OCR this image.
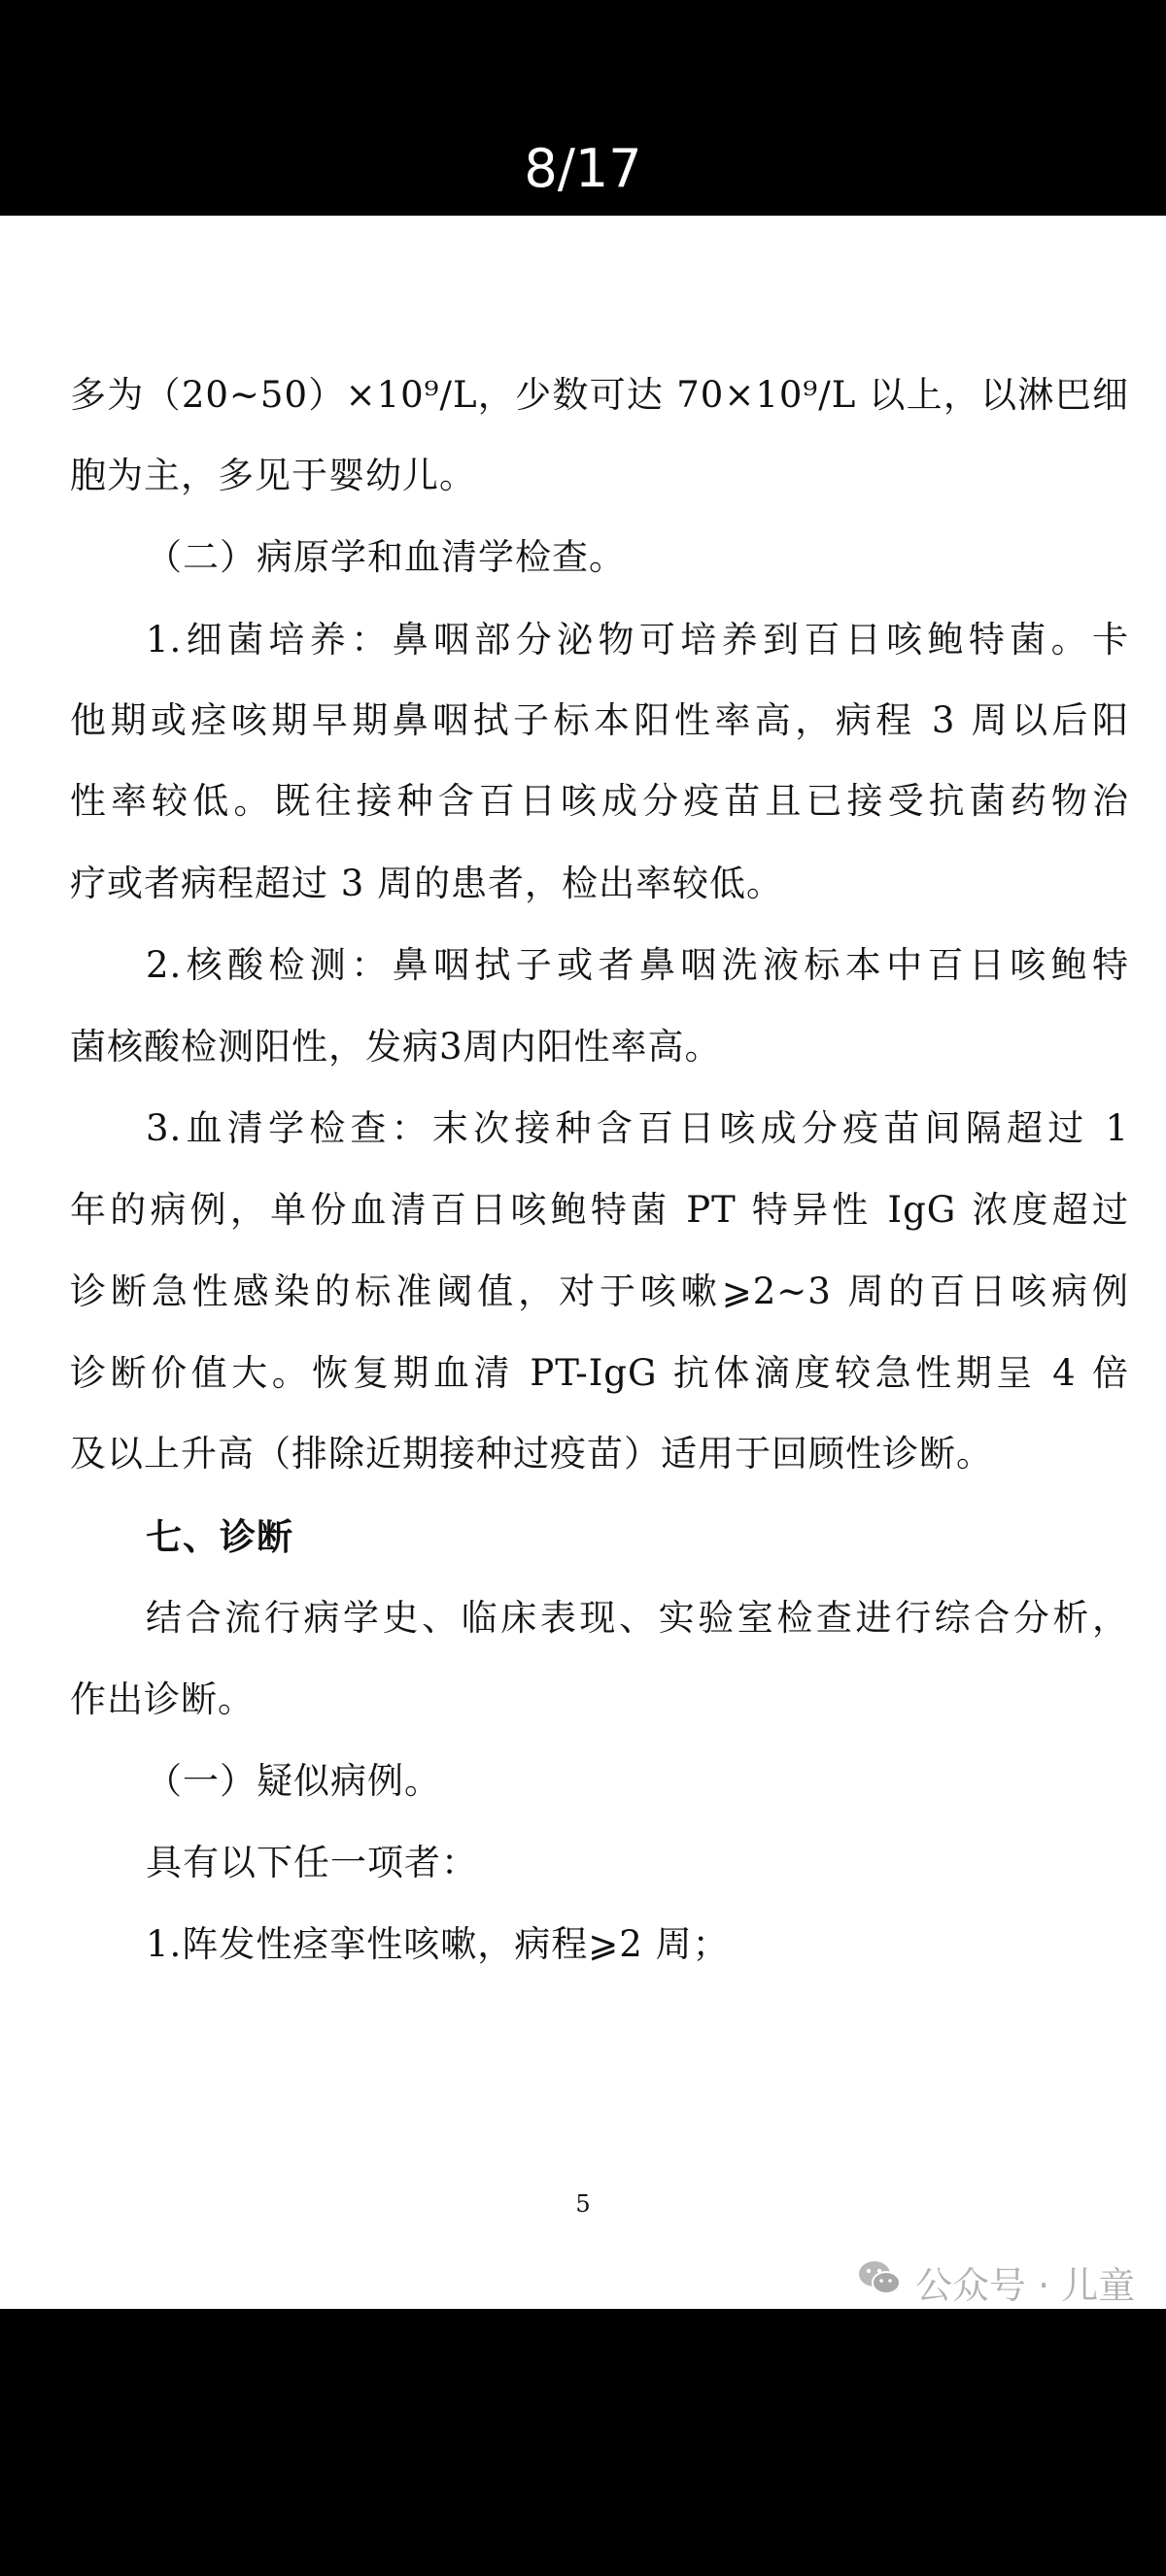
8/17
多为（20~50）×10⁹/L，少数可达 70×10⁹/L 以上，以淋巴细
胞为主，多见于婴幼儿。
（二）病原学和血清学检查。
1.细菌培养：鼻咽部分泌物可培养到百日咳鲍特菌。卡
他期或痉咳期早期鼻咽拭子标本阳性率高，病程 3 周以后阳
性率较低。既往接种含百日咳成分疫苗且已接受抗菌药物治
疗或者病程超过 3 周的患者，检出率较低。
2.核酸检测：鼻咽拭子或者鼻咽洗液标本中百日咳鲍特
菌核酸检测阳性，发病3周内阳性率高。
3.血清学检查：末次接种含百日咳成分疫苗间隔超过 1
年的病例，单份血清百日咳鲍特菌 PT 特异性 IgG 浓度超过
诊断急性感染的标准阈值，对于咳嗽⩾2~3 周的百日咳病例
诊断价值大。恢复期血清 PT-IgG 抗体滴度较急性期呈 4 倍
及以上升高（排除近期接种过疫苗）适用于回顾性诊断。
七、诊断
结合流行病学史、临床表现、实验室检查进行综合分析，
作出诊断。
（一）疑似病例。
具有以下任一项者：
1.阵发性痉挛性咳嗽，病程⩾2 周；
5
公众号 · 儿童
